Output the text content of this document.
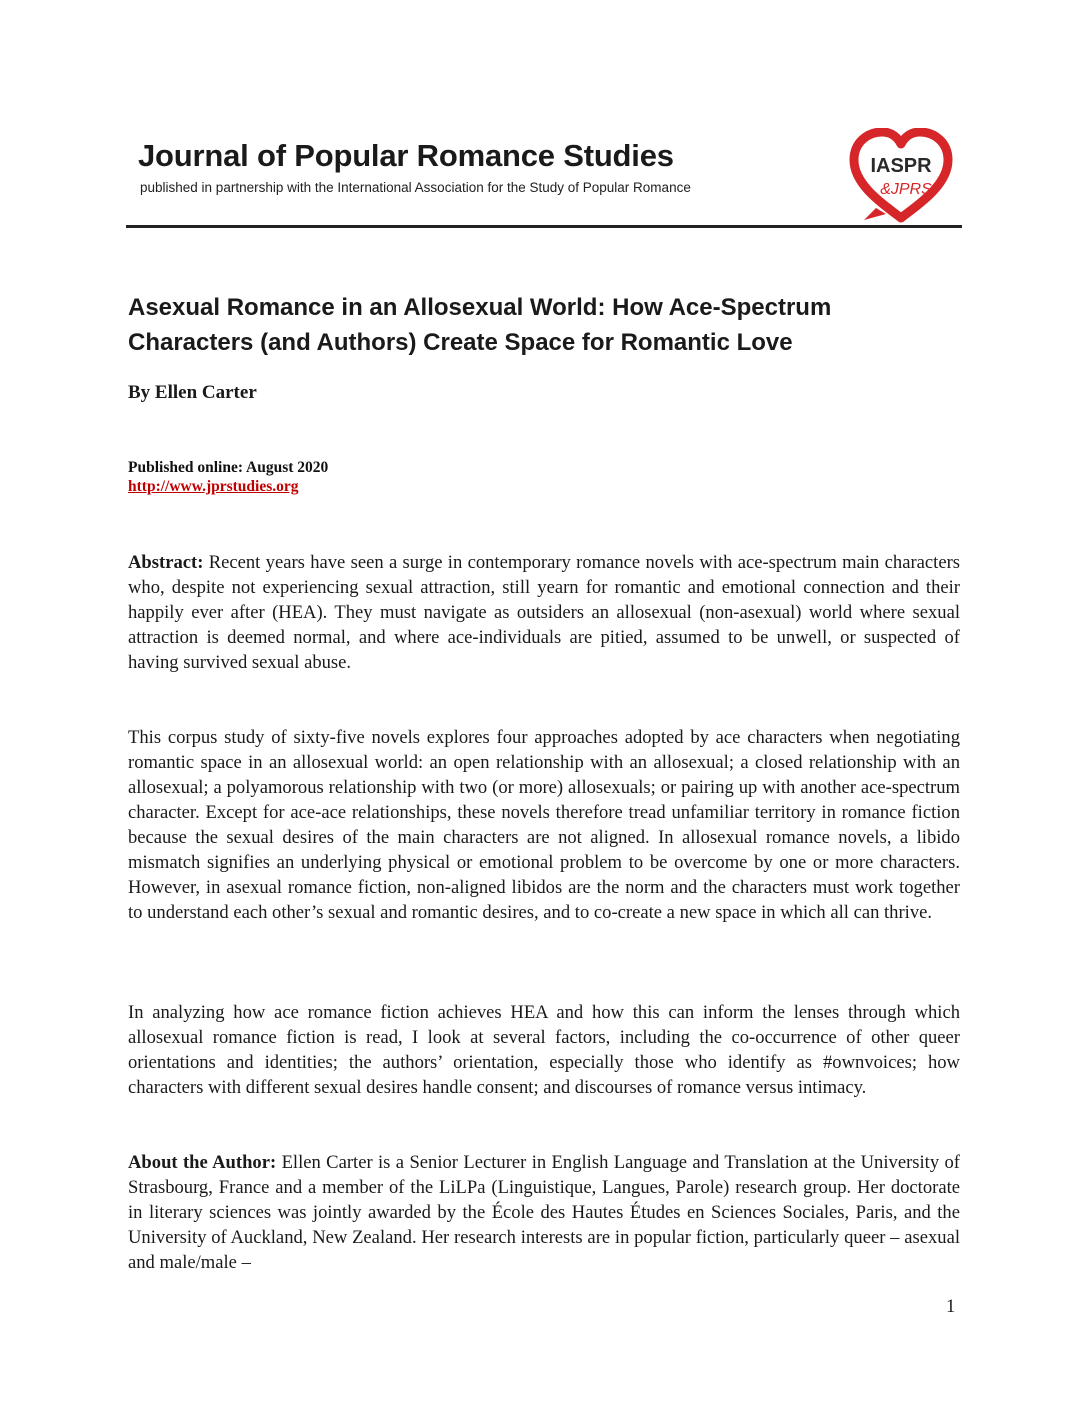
Journal of Popular Romance Studies
published in partnership with the International Association for the Study of Popular Romance
IASPR
&JPRS
Asexual Romance in an Allosexual World: How Ace-Spectrum Characters (and Authors) Create Space for Romantic Love
By Ellen Carter
Published online: August 2020
http://www.jprstudies.org
Abstract: Recent years have seen a surge in contemporary romance novels with ace-spectrum main characters who, despite not experiencing sexual attraction, still yearn for romantic and emotional connection and their happily ever after (HEA). They must navigate as outsiders an allosexual (non-asexual) world where sexual attraction is deemed normal, and where ace-individuals are pitied, assumed to be unwell, or suspected of having survived sexual abuse.
This corpus study of sixty-five novels explores four approaches adopted by ace characters when negotiating romantic space in an allosexual world: an open relationship with an allosexual; a closed relationship with an allosexual; a polyamorous relationship with two (or more) allosexuals; or pairing up with another ace-spectrum character. Except for ace-ace relationships, these novels therefore tread unfamiliar territory in romance fiction because the sexual desires of the main characters are not aligned. In allosexual romance novels, a libido mismatch signifies an underlying physical or emotional problem to be overcome by one or more characters. However, in asexual romance fiction, non-aligned libidos are the norm and the characters must work together to understand each other’s sexual and romantic desires, and to co-create a new space in which all can thrive.
In analyzing how ace romance fiction achieves HEA and how this can inform the lenses through which allosexual romance fiction is read, I look at several factors, including the co-occurrence of other queer orientations and identities; the authors’ orientation, especially those who identify as #ownvoices; how characters with different sexual desires handle consent; and discourses of romance versus intimacy.
About the Author: Ellen Carter is a Senior Lecturer in English Language and Translation at the University of Strasbourg, France and a member of the LiLPa (Linguistique, Langues, Parole) research group. Her doctorate in literary sciences was jointly awarded by the École des Hautes Études en Sciences Sociales, Paris, and the University of Auckland, New Zealand. Her research interests are in popular fiction, particularly queer – asexual and male/male –
1
